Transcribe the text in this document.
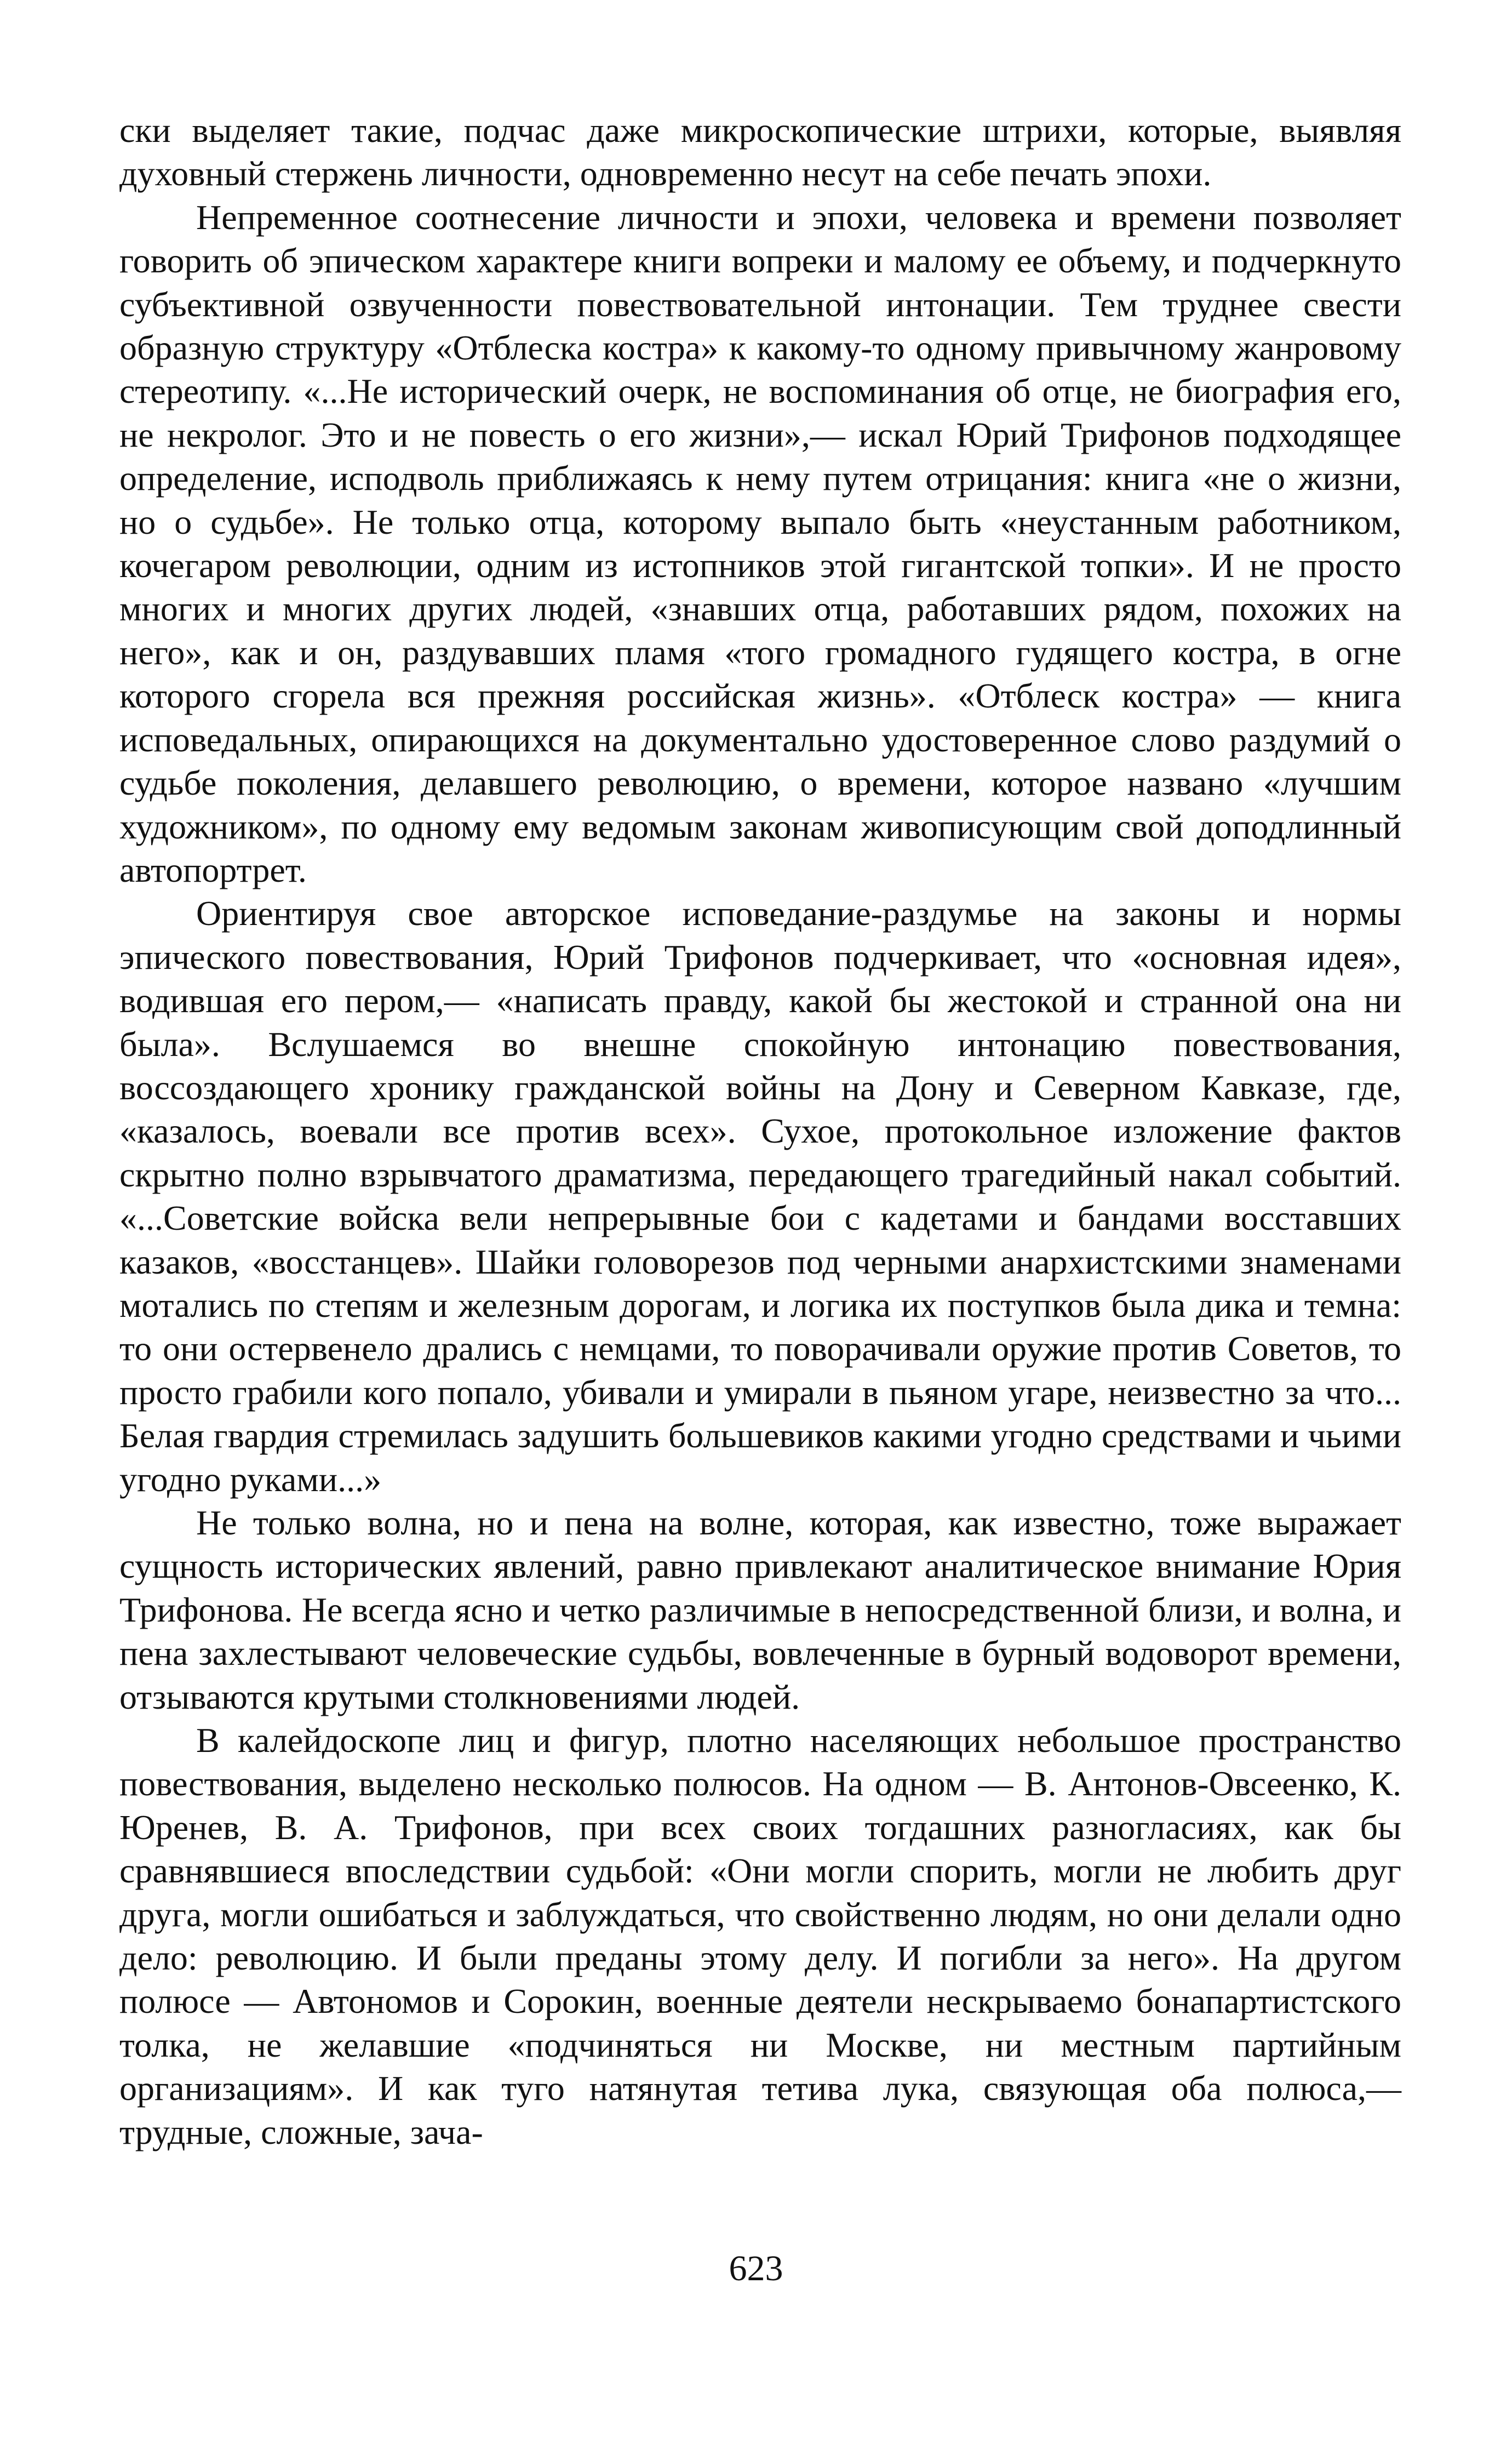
ски выделяет такие, подчас даже микроскопические штрихи, которые, выявляя духовный стержень личности, одновременно несут на себе печать эпохи.

Непременное соотнесение личности и эпохи, человека и времени позволяет говорить об эпическом характере книги вопреки и малому ее объему, и подчеркнуто субъективной озвученности повествовательной интонации. Тем труднее свести образную структуру «Отблеска костра» к какому-то одному привычному жанровому стереотипу. «...Не исторический очерк, не воспоминания об отце, не биография его, не некролог. Это и не повесть о его жизни»,— искал Юрий Трифонов подходящее определение, исподволь приближаясь к нему путем отрицания: книга «не о жизни, но о судьбе». Не только отца, которому выпало быть «неустанным работником, кочегаром революции, одним из истопников этой гигантской топки». И не просто многих и многих других людей, «знавших отца, работавших рядом, похожих на него», как и он, раздувавших пламя «того громадного гудящего костра, в огне которого сгорела вся прежняя российская жизнь». «Отблеск костра» — книга исповедальных, опирающихся на документально удостоверенное слово раздумий о судьбе поколения, делавшего революцию, о времени, которое названо «лучшим художником», по одному ему ведомым законам живописующим свой доподлинный автопортрет.

Ориентируя свое авторское исповедание-раздумье на законы и нормы эпического повествования, Юрий Трифонов подчеркивает, что «основная идея», водившая его пером,— «написать правду, какой бы жестокой и странной она ни была». Вслушаемся во внешне спокойную интонацию повествования, воссоздающего хронику гражданской войны на Дону и Северном Кавказе, где, «казалось, воевали все против всех». Сухое, протокольное изложение фактов скрытно полно взрывчатого драматизма, передающего трагедийный накал событий. «...Советские войска вели непрерывные бои с кадетами и бандами восставших казаков, «восстанцев». Шайки головорезов под черными анархистскими знаменами мотались по степям и железным дорогам, и логика их поступков была дика и темна: то они остервенело дрались с немцами, то поворачивали оружие против Советов, то просто грабили кого попало, убивали и умирали в пьяном угаре, неизвестно за что... Белая гвардия стремилась задушить большевиков какими угодно средствами и чьими угодно руками...»

Не только волна, но и пена на волне, которая, как известно, тоже выражает сущность исторических явлений, равно привлекают аналитическое внимание Юрия Трифонова. Не всегда ясно и четко различимые в непосредственной близи, и волна, и пена захлестывают человеческие судьбы, вовлеченные в бурный водоворот времени, отзываются крутыми столкновениями людей.

В калейдоскопе лиц и фигур, плотно населяющих небольшое пространство повествования, выделено несколько полюсов. На одном — В. Антонов-Овсеенко, К. Юренев, В. А. Трифонов, при всех своих тогдашних разногласиях, как бы сравнявшиеся впоследствии судьбой: «Они могли спорить, могли не любить друг друга, могли ошибаться и заблуждаться, что свойственно людям, но они делали одно дело: революцию. И были преданы этому делу. И погибли за него». На другом полюсе — Автономов и Сорокин, военные деятели нескрываемо бонапартистского толка, не желавшие «подчиняться ни Москве, ни местным партийным организациям». И как туго натянутая тетива лука, связующая оба полюса,— трудные, сложные, зача-

623
